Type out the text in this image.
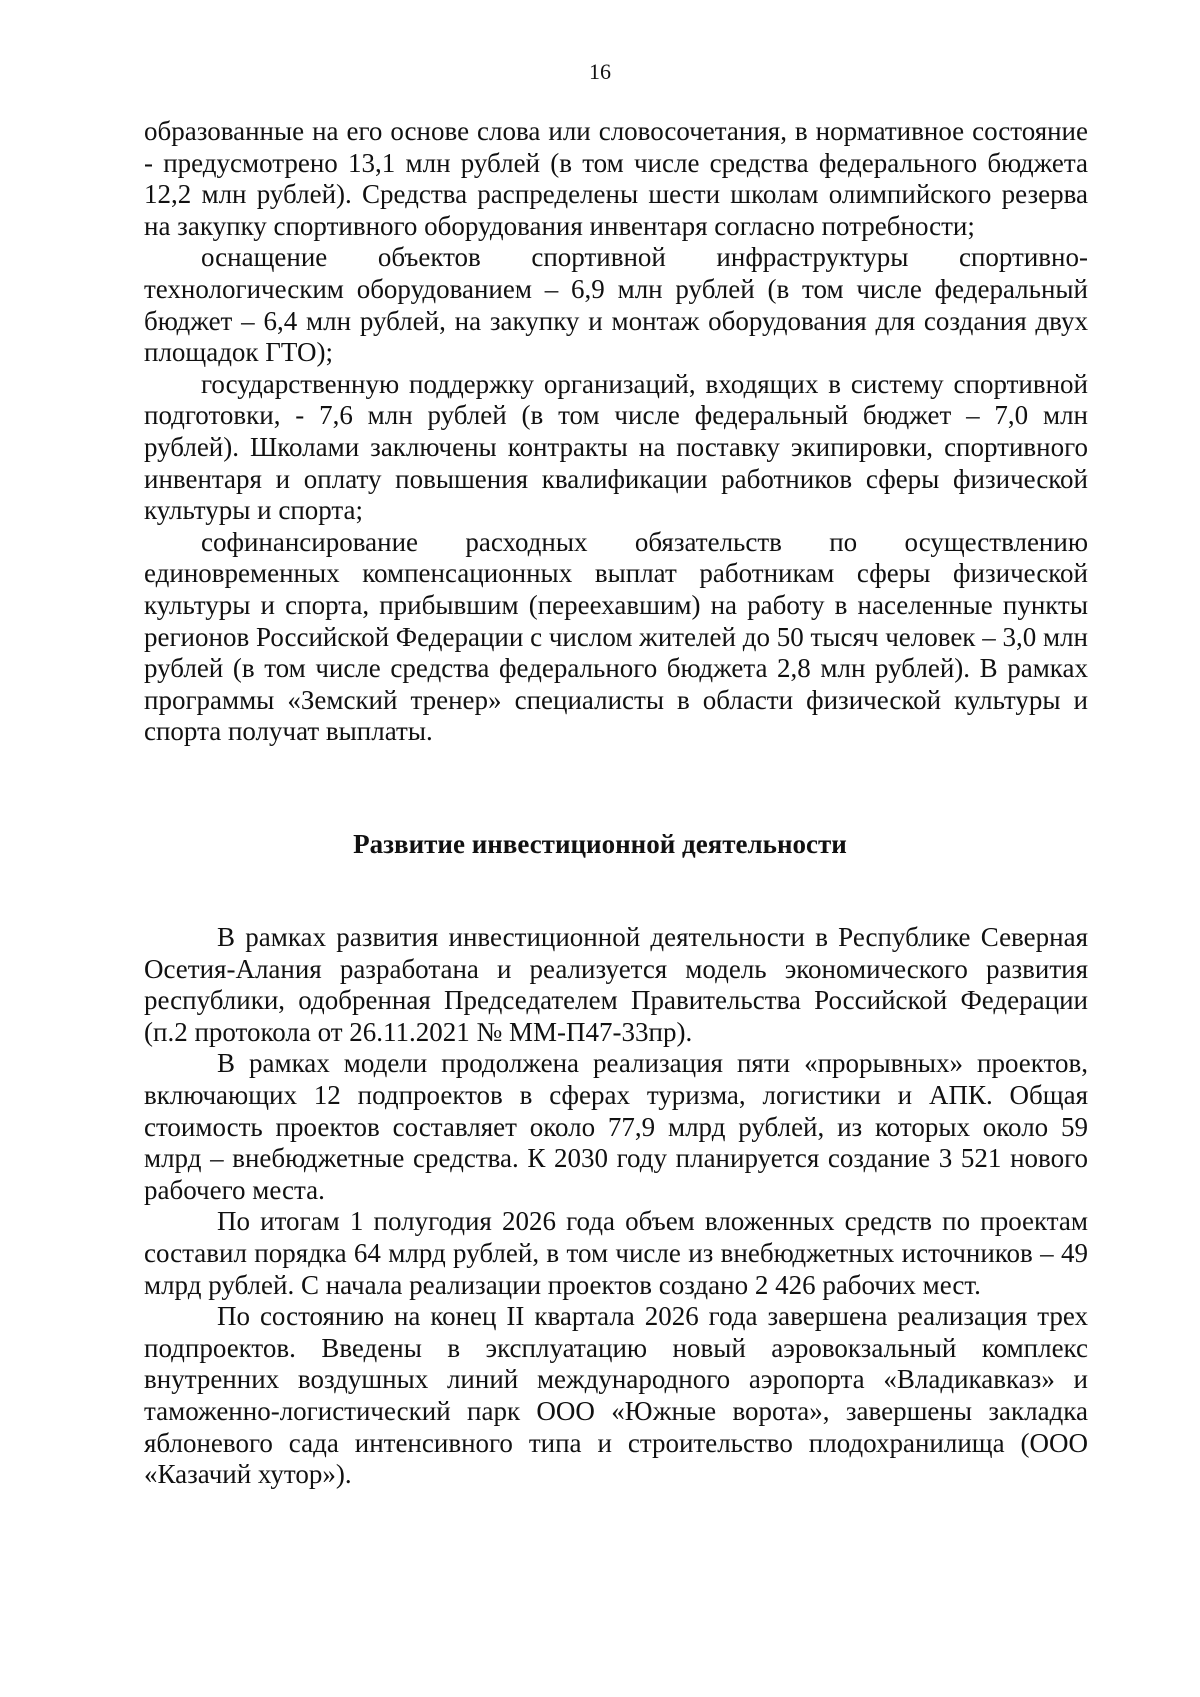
16

образованные на его основе слова или словосочетания, в нормативное состояние - предусмотрено 13,1 млн рублей (в том числе средства федерального бюджета 12,2 млн рублей). Средства распределены шести школам олимпийского резерва на закупку спортивного оборудования инвентаря согласно потребности;

оснащение объектов спортивной инфраструктуры спортивно-технологическим оборудованием – 6,9 млн рублей (в том числе федеральный бюджет – 6,4 млн рублей, на закупку и монтаж оборудования для создания двух площадок ГТО);

государственную поддержку организаций, входящих в систему спортивной подготовки, - 7,6 млн рублей (в том числе федеральный бюджет – 7,0 млн рублей). Школами заключены контракты на поставку экипировки, спортивного инвентаря и оплату повышения квалификации работников сферы физической культуры и спорта;

софинансирование расходных обязательств по осуществлению единовременных компенсационных выплат работникам сферы физической культуры и спорта, прибывшим (переехавшим) на работу в населенные пункты регионов Российской Федерации с числом жителей до 50 тысяч человек – 3,0 млн рублей (в том числе средства федерального бюджета 2,8 млн рублей). В рамках программы «Земский тренер» специалисты в области физической культуры и спорта получат выплаты.

Развитие инвестиционной деятельности

В рамках развития инвестиционной деятельности в Республике Северная Осетия-Алания разработана и реализуется модель экономического развития республики, одобренная Председателем Правительства Российской Федерации (п.2 протокола от 26.11.2021 № ММ-П47-33пр).

В рамках модели продолжена реализация пяти «прорывных» проектов, включающих 12 подпроектов в сферах туризма, логистики и АПК. Общая стоимость проектов составляет около 77,9 млрд рублей, из которых около 59 млрд – внебюджетные средства. К 2030 году планируется создание 3 521 нового рабочего места.

По итогам 1 полугодия 2026 года объем вложенных средств по проектам составил порядка 64 млрд рублей, в том числе из внебюджетных источников – 49 млрд рублей. С начала реализации проектов создано 2 426 рабочих мест.

По состоянию на конец II квартала 2026 года завершена реализация трех подпроектов. Введены в эксплуатацию новый аэровокзальный комплекс внутренних воздушных линий международного аэропорта «Владикавказ» и таможенно-логистический парк ООО «Южные ворота», завершены закладка яблоневого сада интенсивного типа и строительство плодохранилища (ООО «Казачий хутор»).
